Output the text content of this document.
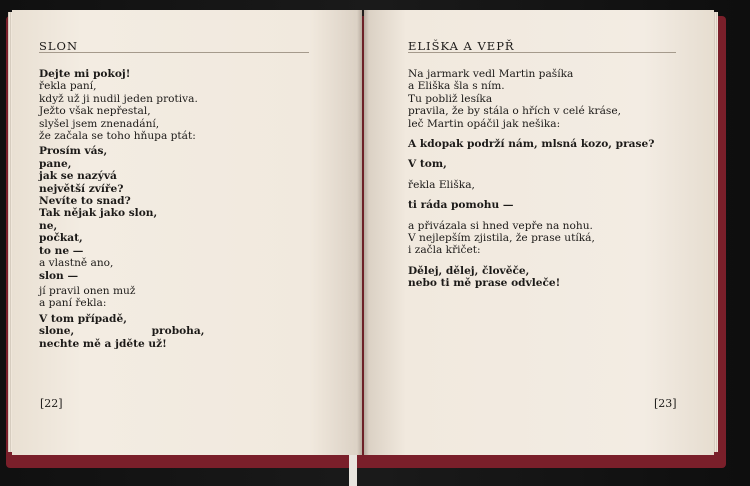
SLON
Dejte mi pokoj!
řekla paní,
když už ji nudil jeden protiva.
Ježto však nepřestal,
slyšel jsem znenadání,
že začala se toho hňupa ptát:
Prosím vás,
pane,
jak se nazývá
největší zvíře?
Nevíte to snad?
Tak nějak jako slon,
ne,
počkat,
to ne —
a vlastně ano,
slon —
jí pravil onen muž
a paní řekla:
V tom případě,
slone,                     proboha,
nechte mě a jděte už!
[22]
ELIŠKA A VEPŘ
Na jarmark vedl Martin pašíka
a Eliška šla s ním.
Tu pobliž lesíka
pravila, že by stála o hřích v celé kráse,
leč Martin opáčil jak nešika:
A kdopak podrží nám, mlsná kozo, prase?
V tom,
řekla Eliška,
ti ráda pomohu —
a přivázala si hned vepře na nohu.
V nejlepším zjistila, že prase utíká,
i začla křičet:
Dělej, dělej, člověče,
nebo ti mě prase odvleče!
[23]
